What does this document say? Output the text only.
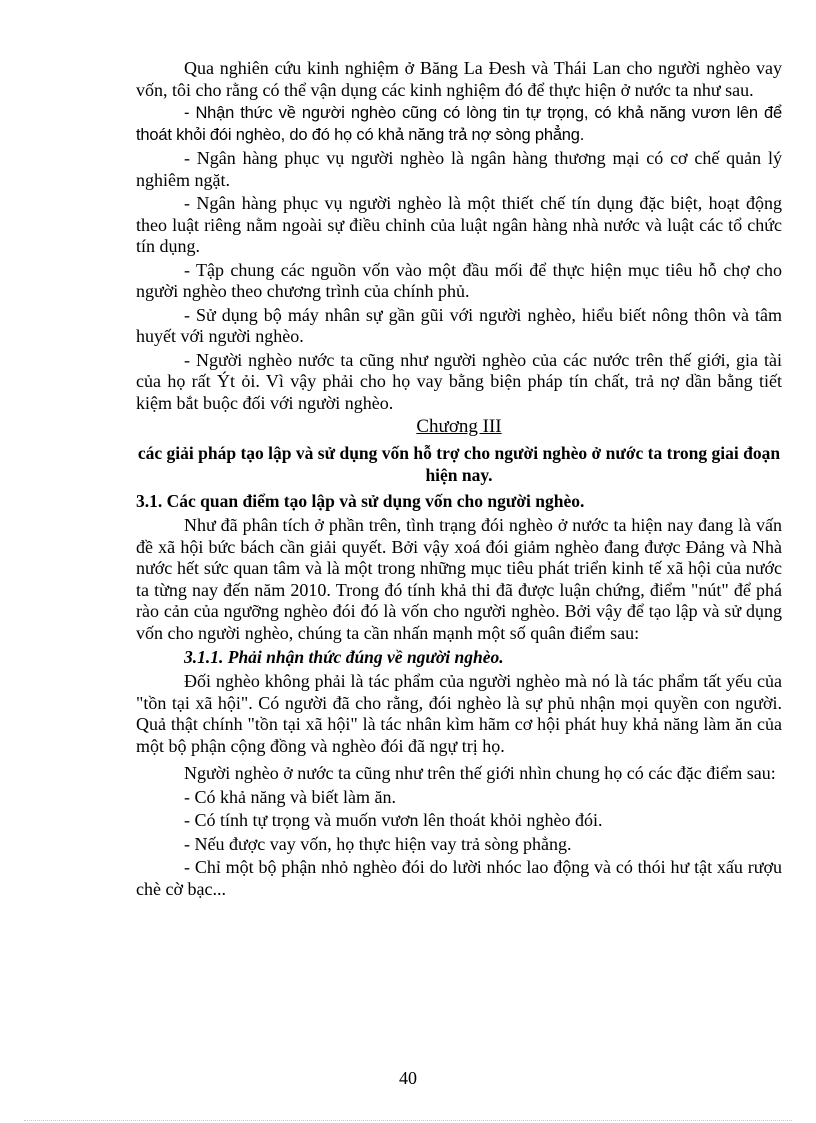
Qua nghiên cứu kinh nghiệm ở Băng La Đesh và Thái Lan cho người nghèo vay vốn, tôi cho rằng có thể vận dụng các kinh nghiệm đó để thực hiện ở nước ta như sau.

- Nhận thức về người nghèo cũng có lòng tin tự trọng, có khả năng vươn lên để thoát khỏi đói nghèo, do đó họ có khả năng trả nợ sòng phẳng.

- Ngân hàng phục vụ người nghèo là ngân hàng thương mại có cơ chế quản lý nghiêm ngặt.

- Ngân hàng phục vụ người nghèo là một thiết chế tín dụng đặc biệt, hoạt động theo luật riêng nằm ngoài sự điều chỉnh của luật ngân hàng nhà nước và luật các tổ chức tín dụng.

- Tập chung các nguồn vốn vào một đầu mối để thực hiện mục tiêu hỗ chợ cho người nghèo theo chương trình của chính phủ.

- Sử dụng bộ máy nhân sự gần gũi với người nghèo, hiểu biết nông thôn và tâm huyết với người nghèo.

- Người nghèo nước ta cũng như người nghèo của các nước trên thế giới, gia tài của họ rất Ýt ỏi. Vì vậy phải cho họ vay bằng biện pháp tín chất, trả nợ dần bằng tiết kiệm bắt buộc đối với người nghèo.

Chương III
các giải pháp tạo lập và sử dụng vốn hỗ trợ cho người nghèo ở nước ta trong giai đoạn hiện nay.
3.1. Các quan điểm tạo lập và sử dụng vốn cho người nghèo.

Như đã phân tích ở phần trên, tình trạng đói nghèo ở nước ta hiện nay đang là vấn đề xã hội bức bách cần giải quyết. Bởi vậy xoá đói giảm nghèo đang được Đảng và Nhà nước hết sức quan tâm và là một trong những mục tiêu phát triển kinh tế xã hội của nước ta từng nay đến năm 2010. Trong đó tính khả thi đã được luận chứng, điểm "nút" để phá rào cản của ngưỡng nghèo đói đó là vốn cho người nghèo. Bởi vậy để tạo lập và sử dụng vốn cho người nghèo, chúng ta cần nhấn mạnh một số quân điểm sau:

3.1.1. Phải nhận thức đúng về người nghèo.

Đối nghèo không phải là tác phẩm của người nghèo mà nó là tác phẩm tất yếu của "tồn tại xã hội". Có người đã cho rằng, đói nghèo là sự phủ nhận mọi quyền con người. Quả thật chính "tồn tại xã hội" là tác nhân kìm hãm cơ hội phát huy khả năng làm ăn của một bộ phận cộng đồng và nghèo đói đã ngự trị họ.

Người nghèo ở nước ta cũng như trên thế giới nhìn chung họ có các đặc điểm sau:

- Có khả năng và biết làm ăn.

- Có tính tự trọng và muốn vươn lên thoát khỏi nghèo đói.

- Nếu được vay vốn, họ thực hiện vay trả sòng phẳng.

- Chỉ một bộ phận nhỏ nghèo đói do lười nhóc lao động và có thói hư tật xấu rượu chè cờ bạc...

40
